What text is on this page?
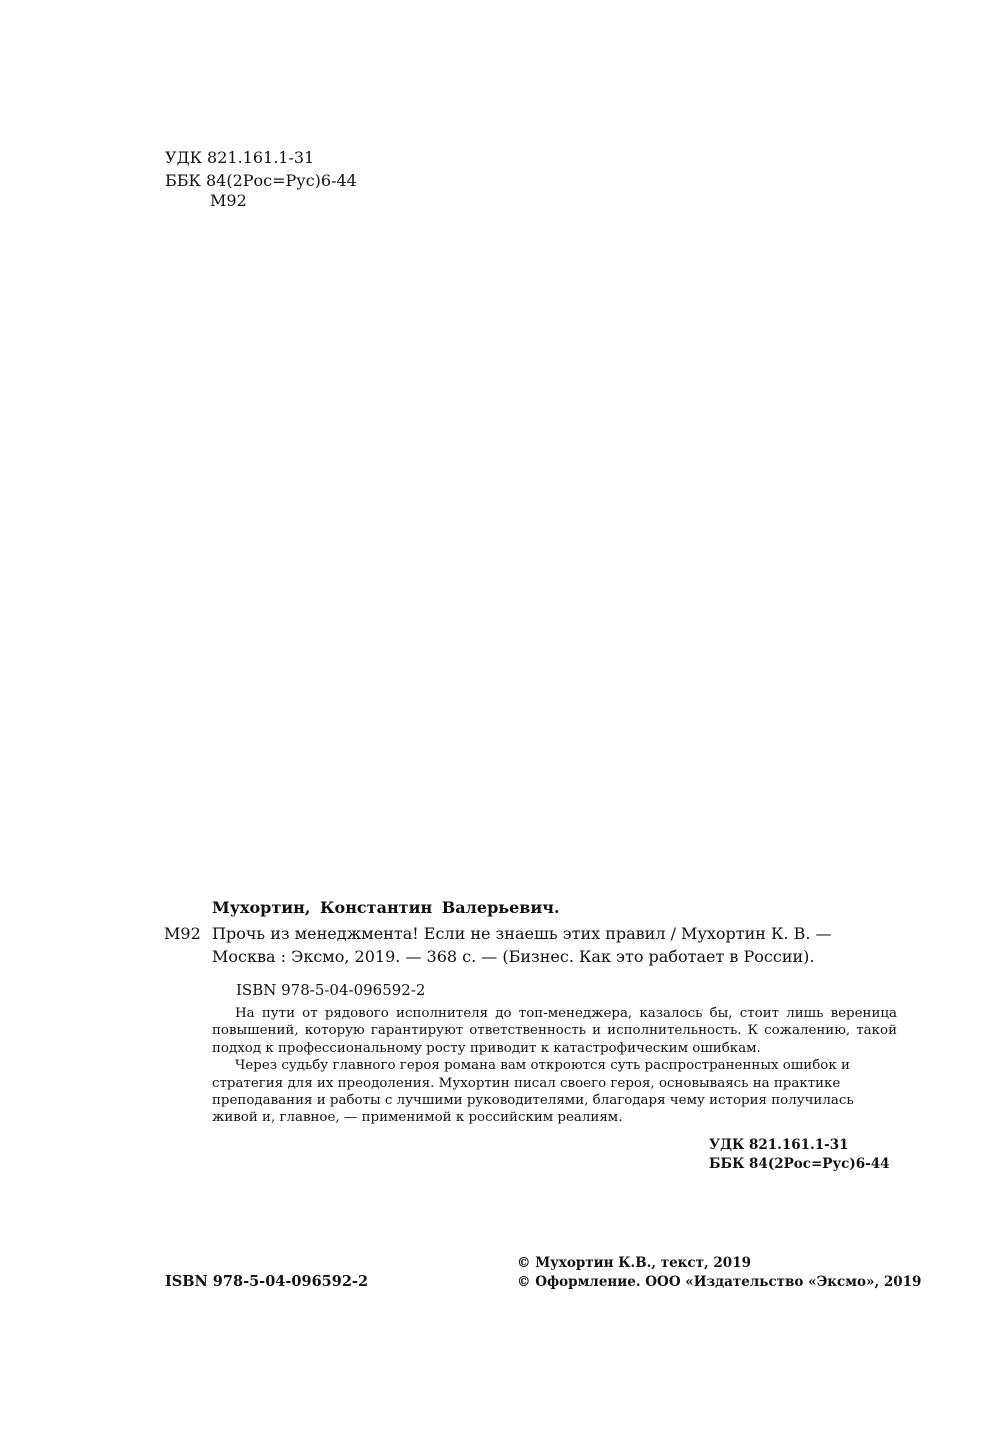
УДК 821.161.1-31
ББК 84(2Рос=Рус)6-44
М92
Мухортин, Константин Валерьевич.
М92 Прочь из менеджмента! Если не знаешь этих правил / Мухортин К. В. —
Москва : Эксмо, 2019. — 368 с. — (Бизнес. Как это работает в России).
ISBN 978-5-04-096592-2

На пути от рядового исполнителя до топ-менеджера, казалось бы, стоит лишь вереница повышений, которую гарантируют ответственность и исполнительность. К сожалению, такой подход к профессиональному росту приводит к катастрофическим ошибкам.

Через судьбу главного героя романа вам откроются суть распространенных ошибок и стратегия для их преодоления. Мухортин писал своего героя, основываясь на практике преподавания и работы с лучшими руководителями, благодаря чему история получилась живой и, главное, — применимой к российским реалиям.

УДК 821.161.1-31
ББК 84(2Рос=Рус)6-44
ISBN 978-5-04-096592-2
© Мухортин К.В., текст, 2019
© Оформление. ООО «Издательство «Эксмо», 2019
